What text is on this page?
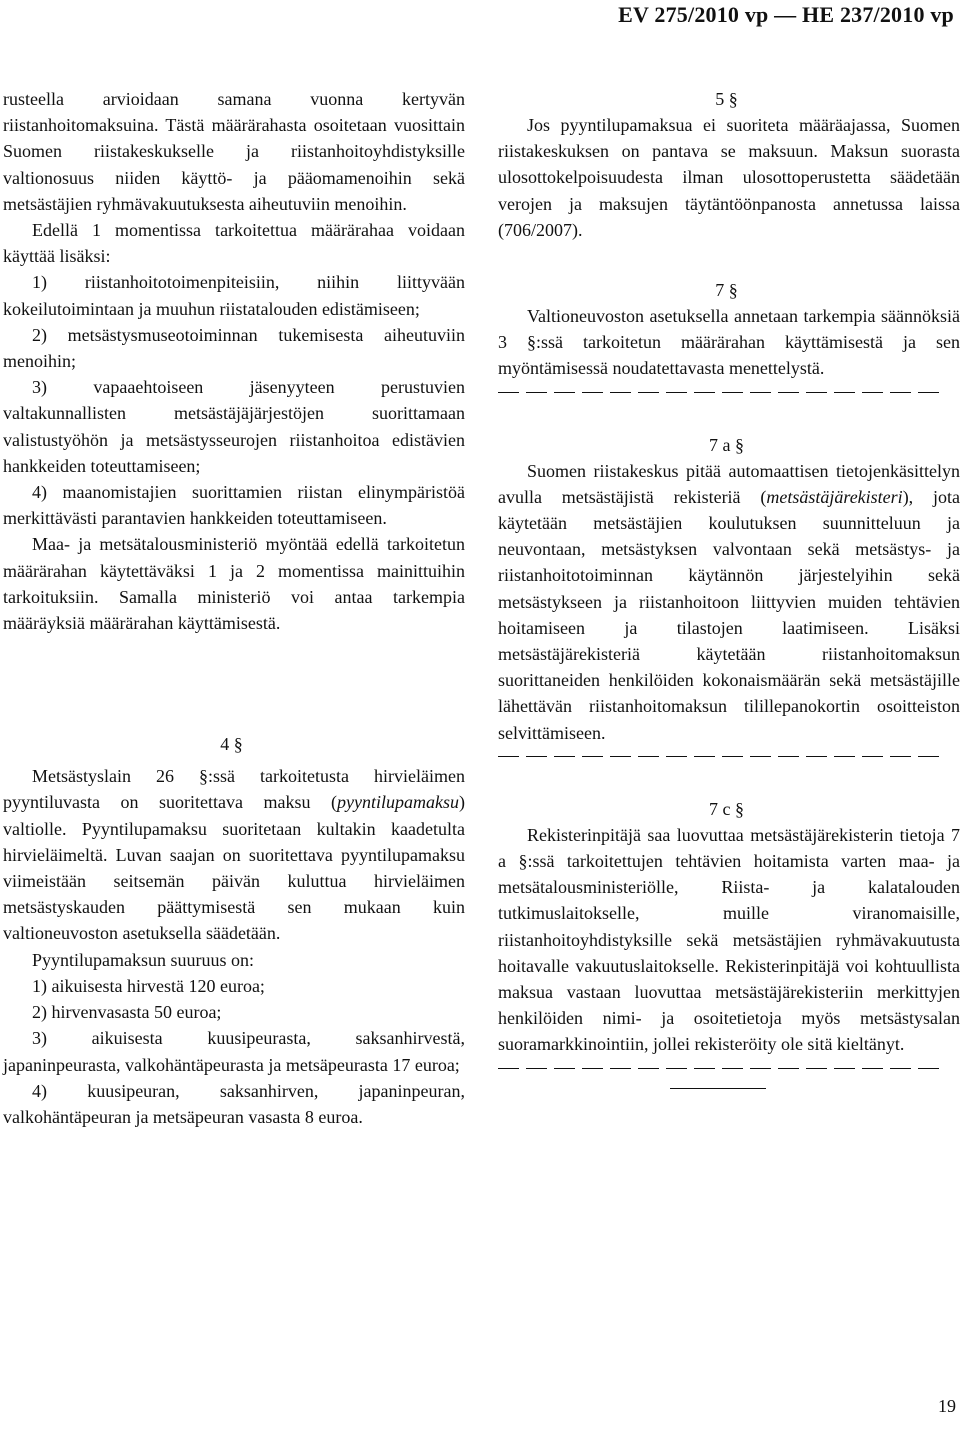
EV 275/2010 vp — HE 237/2010 vp

rusteella arvioidaan samana vuonna kertyvän riistanhoitomaksuina. Tästä määrärahasta osoitetaan vuosittain Suomen riistakeskukselle ja riistanhoitoyhdistyksille valtionosuus niiden käyttö- ja pääomamenoihin sekä metsästäjien ryhmävakuutuksesta aiheutuviin menoihin.

Edellä 1 momentissa tarkoitettua määrärahaa voidaan käyttää lisäksi:

1) riistanhoitotoimenpiteisiin, niihin liittyvään kokeilutoimintaan ja muuhun riistatalouden edistämiseen;

2) metsästysmuseotoiminnan tukemisesta aiheutuviin menoihin;

3) vapaaehtoiseen jäsenyyteen perustuvien valtakunnallisten metsästäjäjärjestöjen suorittamaan valistustyöhön ja metsästysseurojen riistanhoitoa edistävien hankkeiden toteuttamiseen;

4) maanomistajien suorittamien riistan elinympäristöä merkittävästi parantavien hankkeiden toteuttamiseen.

Maa- ja metsätalousministeriö myöntää edellä tarkoitetun määrärahan käytettäväksi 1 ja 2 momentissa mainittuihin tarkoituksiin. Samalla ministeriö voi antaa tarkempia määräyksiä määrärahan käyttämisestä.

4 §

Metsästyslain 26 §:ssä tarkoitetusta hirvieläimen pyyntiluvasta on suoritettava maksu (pyyntilupamaksu) valtiolle. Pyyntilupamaksu suoritetaan kultakin kaadetulta hirvieläimeltä. Luvan saajan on suoritettava pyyntilupamaksu viimeistään seitsemän päivän kuluttua hirvieläimen metsästyskauden päättymisestä sen mukaan kuin valtioneuvoston asetuksella säädetään.

Pyyntilupamaksun suuruus on:

1) aikuisesta hirvestä 120 euroa;

2) hirvenvasasta 50 euroa;

3) aikuisesta kuusipeurasta, saksanhirvestä, japaninpeurasta, valkohäntäpeurasta ja metsäpeurasta 17 euroa;

4) kuusipeuran, saksanhirven, japaninpeuran, valkohäntäpeuran ja metsäpeuran vasasta 8 euroa.

5 §

Jos pyyntilupamaksua ei suoriteta määräajassa, Suomen riistakeskuksen on pantava se maksuun. Maksun suorasta ulosottokelpoisuudesta ilman ulosottoperustetta säädetään verojen ja maksujen täytäntöönpanosta annetussa laissa (706/2007).

7 §

Valtioneuvoston asetuksella annetaan tarkempia säännöksiä 3 §:ssä tarkoitetun määrärahan käyttämisestä ja sen myöntämisessä noudatettavasta menettelystä.

7 a §

Suomen riistakeskus pitää automaattisen tietojenkäsittelyn avulla metsästäjistä rekisteriä (metsästäjärekisteri), jota käytetään metsästäjien koulutuksen suunnitteluun ja neuvontaan, metsästyksen valvontaan sekä metsästys- ja riistanhoitotoiminnan käytännön järjestelyihin sekä metsästykseen ja riistanhoitoon liittyvien muiden tehtävien hoitamiseen ja tilastojen laatimiseen. Lisäksi metsästäjärekisteriä käytetään riistanhoitomaksun suorittaneiden henkilöiden kokonaismäärän sekä metsästäjille lähettävän riistanhoitomaksun tilillepanokortin osoitteiston selvittämiseen.

7 c §

Rekisterinpitäjä saa luovuttaa metsästäjärekisterin tietoja 7 a §:ssä tarkoitettujen tehtävien hoitamista varten maa- ja metsätalousministeriölle, Riista- ja kalatalouden tutkimuslaitokselle, muille viranomaisille, riistanhoitoyhdistyksille sekä metsästäjien ryhmävakuutusta hoitavalle vakuutuslaitokselle. Rekisterinpitäjä voi kohtuullista maksua vastaan luovuttaa metsästäjärekisteriin merkittyjen henkilöiden nimi- ja osoitetietoja myös metsästysalan suoramarkkinointiin, jollei rekisteröity ole sitä kieltänyt.

19
